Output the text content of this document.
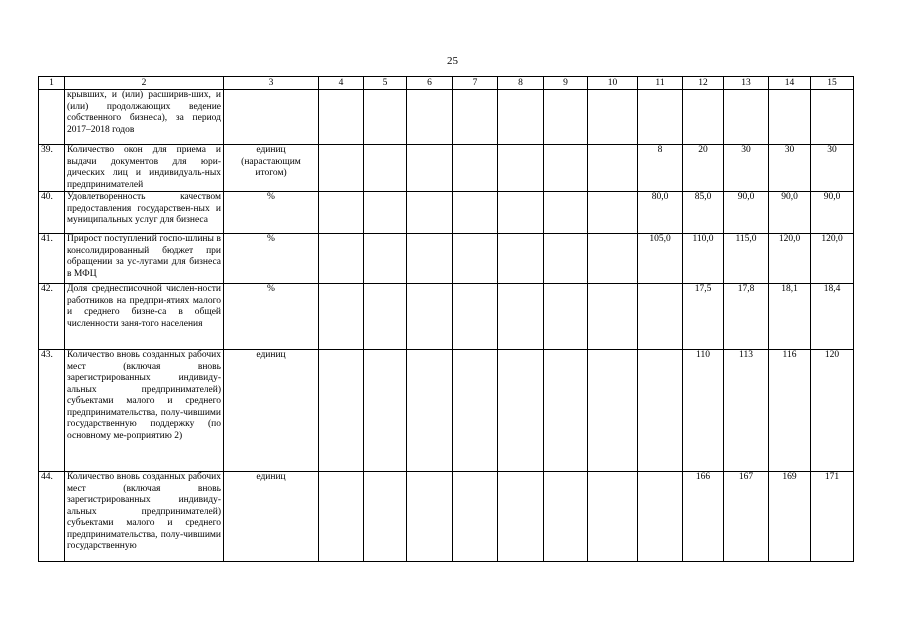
25
1	2	3	4	5	6	7	8	9	10	11	12	13	14	15
	крывших, и (или) расширив-ших, и (или) продолжающих ведение собственного бизнеса), за период 2017–2018 годов													
39.	Количество окон для приема и выдачи документов для юри-дических лиц и индивидуаль-ных предпринимателей	единиц (нарастающим итогом)								8	20	30	30	30
40.	Удовлетворенность качеством предоставления государствен-ных и муниципальных услуг для бизнеса	%								80,0	85,0	90,0	90,0	90,0
41.	Прирост поступлений госпо-шлины в консолидированный бюджет при обращении за ус-лугами для бизнеса в МФЦ	%								105,0	110,0	115,0	120,0	120,0
42.	Доля среднесписочной числен-ности работников на предпри-ятиях малого и среднего бизне-са в общей численности заня-того населения	%									17,5	17,8	18,1	18,4
43.	Количество вновь созданных рабочих мест (включая вновь зарегистрированных индивиду-альных предпринимателей) субъектами малого и среднего предпринимательства, полу-чившими государственную поддержку (по основному ме-роприятию 2)	единиц									110	113	116	120
44.	Количество вновь созданных рабочих мест (включая вновь зарегистрированных индивиду-альных предпринимателей) субъектами малого и среднего предпринимательства, полу-чившими государственную	единиц									166	167	169	171
